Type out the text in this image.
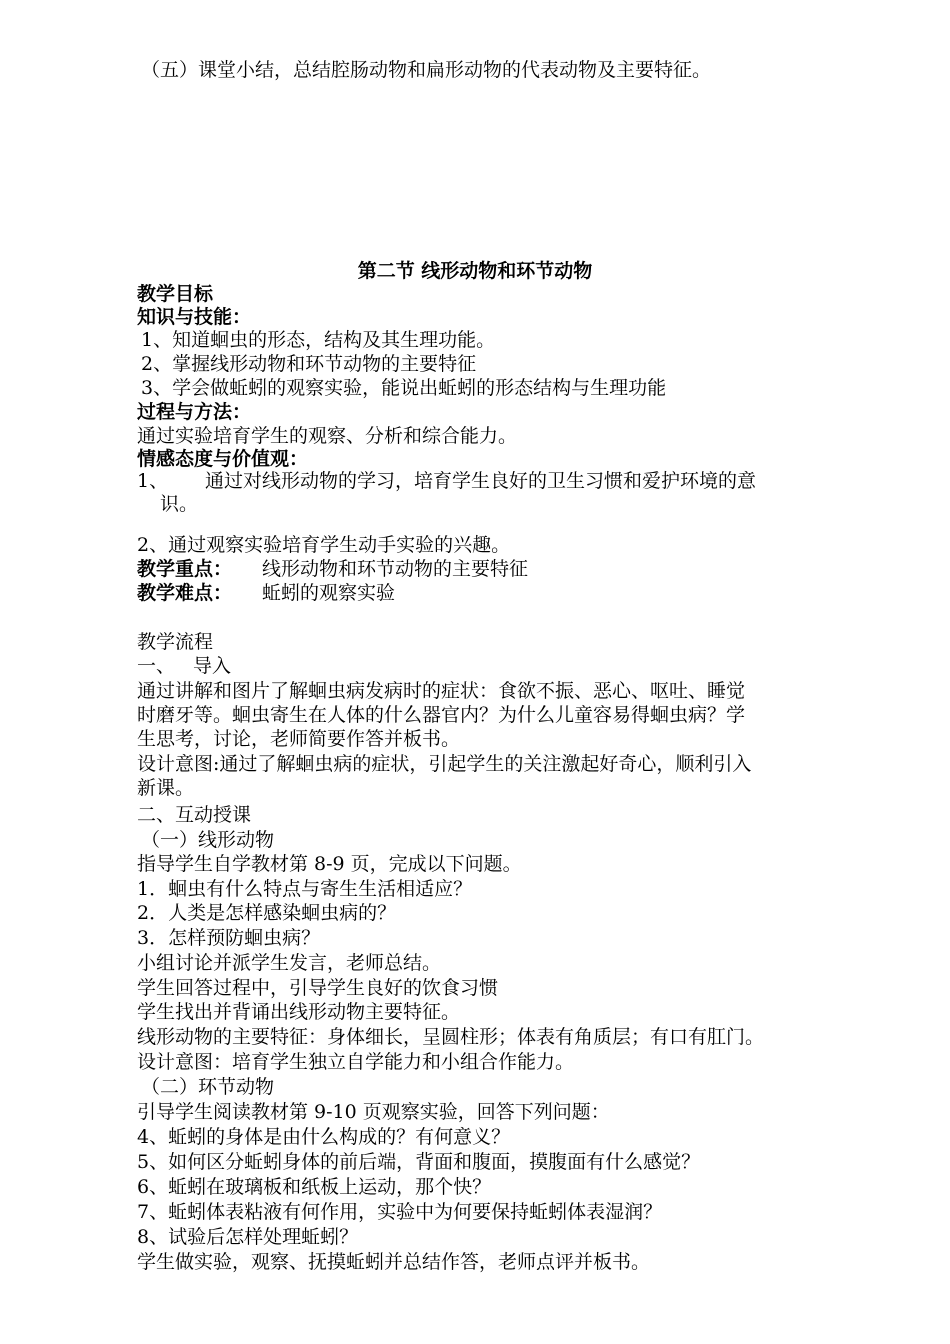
（五）课堂小结，总结腔肠动物和扁形动物的代表动物及主要特征。
第二节 线形动物和环节动物
教学目标
知识与技能：
1、知道蛔虫的形态，结构及其生理功能。
2、掌握线形动物和环节动物的主要特征
3、学会做蚯蚓的观察实验，能说出蚯蚓的形态结构与生理功能
过程与方法：
通过实验培育学生的观察、分析和综合能力。
情感态度与价值观：
1、 通过对线形动物的学习，培育学生良好的卫生习惯和爱护环境的意
识。
2、通过观察实验培育学生动手实验的兴趣。
教学重点： 线形动物和环节动物的主要特征
教学难点： 蚯蚓的观察实验
教学流程
一、 导入
通过讲解和图片了解蛔虫病发病时的症状：食欲不振、恶心、呕吐、睡觉
时磨牙等。蛔虫寄生在人体的什么器官内？为什么儿童容易得蛔虫病？学
生思考，讨论，老师简要作答并板书。
设计意图:通过了解蛔虫病的症状，引起学生的关注激起好奇心，顺利引入
新课。
二、互动授课
（一）线形动物
指导学生自学教材第 8-9 页，完成以下问题。
1．蛔虫有什么特点与寄生生活相适应？
2．人类是怎样感染蛔虫病的？
3．怎样预防蛔虫病？
小组讨论并派学生发言，老师总结。
学生回答过程中，引导学生良好的饮食习惯
学生找出并背诵出线形动物主要特征。
线形动物的主要特征：身体细长，呈圆柱形；体表有角质层；有口有肛门。
设计意图：培育学生独立自学能力和小组合作能力。
（二）环节动物
引导学生阅读教材第 9-10 页观察实验，回答下列问题：
4、蚯蚓的身体是由什么构成的？有何意义？
5、如何区分蚯蚓身体的前后端，背面和腹面，摸腹面有什么感觉？
6、蚯蚓在玻璃板和纸板上运动，那个快？
7、蚯蚓体表粘液有何作用，实验中为何要保持蚯蚓体表湿润？
8、试验后怎样处理蚯蚓？
学生做实验，观察、抚摸蚯蚓并总结作答，老师点评并板书。
